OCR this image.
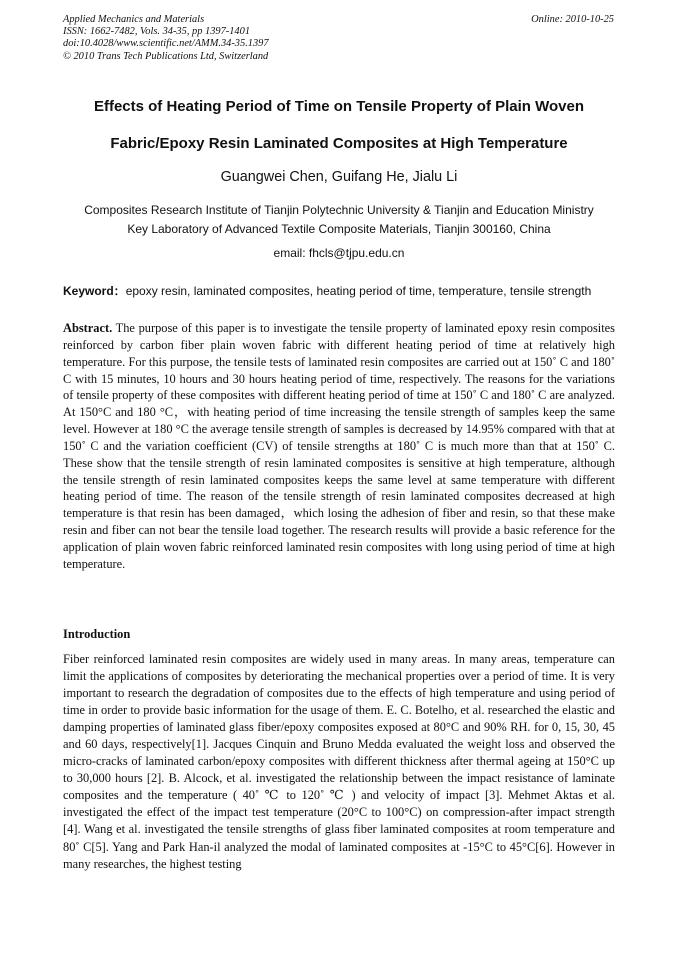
Applied Mechanics and Materials
ISSN: 1662-7482, Vols. 34-35, pp 1397-1401
doi:10.4028/www.scientific.net/AMM.34-35.1397
© 2010 Trans Tech Publications Ltd, Switzerland
Online: 2010-10-25
Effects of Heating Period of Time on Tensile Property of Plain Woven
Fabric/Epoxy Resin Laminated Composites at High Temperature
Guangwei Chen, Guifang He, Jialu Li
Composites Research Institute of Tianjin Polytechnic University & Tianjin and Education Ministry
Key Laboratory of Advanced Textile Composite Materials, Tianjin 300160, China
email: fhcls@tjpu.edu.cn
Keyword：epoxy resin, laminated composites, heating period of time, temperature, tensile strength

Abstract. The purpose of this paper is to investigate the tensile property of laminated epoxy resin composites reinforced by carbon fiber plain woven fabric with different heating period of time at relatively high temperature. For this purpose, the tensile tests of laminated resin composites are carried out at 150˚ C and 180˚ C with 15 minutes, 10 hours and 30 hours heating period of time, respectively. The reasons for the variations of tensile property of these composites with different heating period of time at 150˚ C and 180˚ C are analyzed. At 150°C and 180 °C，with heating period of time increasing the tensile strength of samples keep the same level. However at 180 °C the average tensile strength of samples is decreased by 14.95% compared with that at 150˚ C and the variation coefficient (CV) of tensile strengths at 180˚ C is much more than that at 150˚ C. These show that the tensile strength of resin laminated composites is sensitive at high temperature, although the tensile strength of resin laminated composites keeps the same level at same temperature with different heating period of time. The reason of the tensile strength of resin laminated composites decreased at high temperature is that resin has been damaged，which losing the adhesion of fiber and resin, so that these make resin and fiber can not bear the tensile load together. The research results will provide a basic reference for the application of plain woven fabric reinforced laminated resin composites with long using period of time at high temperature.

Introduction

Fiber reinforced laminated resin composites are widely used in many areas. In many areas, temperature can limit the applications of composites by deteriorating the mechanical properties over a period of time. It is very important to research the degradation of composites due to the effects of high temperature and using period of time in order to provide basic information for the usage of them. E. C. Botelho, et al. researched the elastic and damping properties of laminated glass fiber/epoxy composites exposed at 80°C and 90% RH. for 0, 15, 30, 45 and 60 days, respectively[1]. Jacques Cinquin and Bruno Medda evaluated the weight loss and observed the micro-cracks of laminated carbon/epoxy composites with different thickness after thermal ageing at 150°C up to 30,000 hours [2]. B. Alcock, et al. investigated the relationship between the impact resistance of laminate composites and the temperature ( 40˚ ℃ to 120˚ ℃ ) and velocity of impact [3]. Mehmet Aktas et al. investigated the effect of the impact test temperature (20°C to 100°C) on compression-after impact strength [4]. Wang et al. investigated the tensile strengths of glass fiber laminated composites at room temperature and 80˚ C[5]. Yang and Park Han-il analyzed the modal of laminated composites at -15°C to 45°C[6]. However in many researches, the highest testing
